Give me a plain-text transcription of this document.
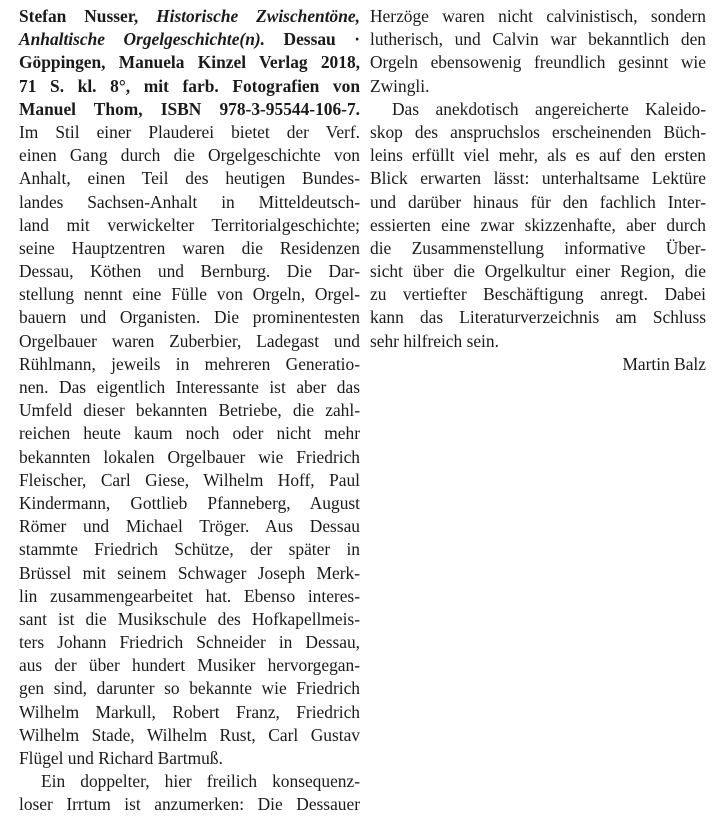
Stefan Nusser, Historische Zwischentöne,
Anhaltische Orgelgeschichte(n). Dessau ·
Göppingen, Manuela Kinzel Verlag 2018,
71 S. kl. 8°, mit farb. Fotografien von
Manuel Thom, ISBN 978-3-95544-106-7.
Im Stil einer Plauderei bietet der Verf.
einen Gang durch die Orgelgeschichte von
Anhalt, einen Teil des heutigen Bundes-
landes Sachsen-Anhalt in Mitteldeutsch-
land mit verwickelter Territorialgeschichte;
seine Hauptzentren waren die Residenzen
Dessau, Köthen und Bernburg. Die Dar-
stellung nennt eine Fülle von Orgeln, Orgel-
bauern und Organisten. Die prominentesten
Orgelbauer waren Zuberbier, Ladegast und
Rühlmann, jeweils in mehreren Generatio-
nen. Das eigentlich Interessante ist aber das
Umfeld dieser bekannten Betriebe, die zahl-
reichen heute kaum noch oder nicht mehr
bekannten lokalen Orgelbauer wie Friedrich
Fleischer, Carl Giese, Wilhelm Hoff, Paul
Kindermann, Gottlieb Pfanneberg, August
Römer und Michael Tröger. Aus Dessau
stammte Friedrich Schütze, der später in
Brüssel mit seinem Schwager Joseph Merk-
lin zusammengearbeitet hat. Ebenso interes-
sant ist die Musikschule des Hofkapellmeis-
ters Johann Friedrich Schneider in Dessau,
aus der über hundert Musiker hervorgegan-
gen sind, darunter so bekannte wie Friedrich
Wilhelm Markull, Robert Franz, Friedrich
Wilhelm Stade, Wilhelm Rust, Carl Gustav
Flügel und Richard Bartmuß.
Ein doppelter, hier freilich konsequenz-
loser Irrtum ist anzumerken: Die Dessauer
Herzöge waren nicht calvinistisch, sondern
lutherisch, und Calvin war bekanntlich den
Orgeln ebensowenig freundlich gesinnt wie
Zwingli.
Das anekdotisch angereicherte Kaleido-
skop des anspruchslos erscheinenden Büch-
leins erfüllt viel mehr, als es auf den ersten
Blick erwarten lässt: unterhaltsame Lektüre
und darüber hinaus für den fachlich Inter-
essierten eine zwar skizzenhafte, aber durch
die Zusammenstellung informative Über-
sicht über die Orgelkultur einer Region, die
zu vertiefter Beschäftigung anregt. Dabei
kann das Literaturverzeichnis am Schluss
sehr hilfreich sein.
Martin Balz
